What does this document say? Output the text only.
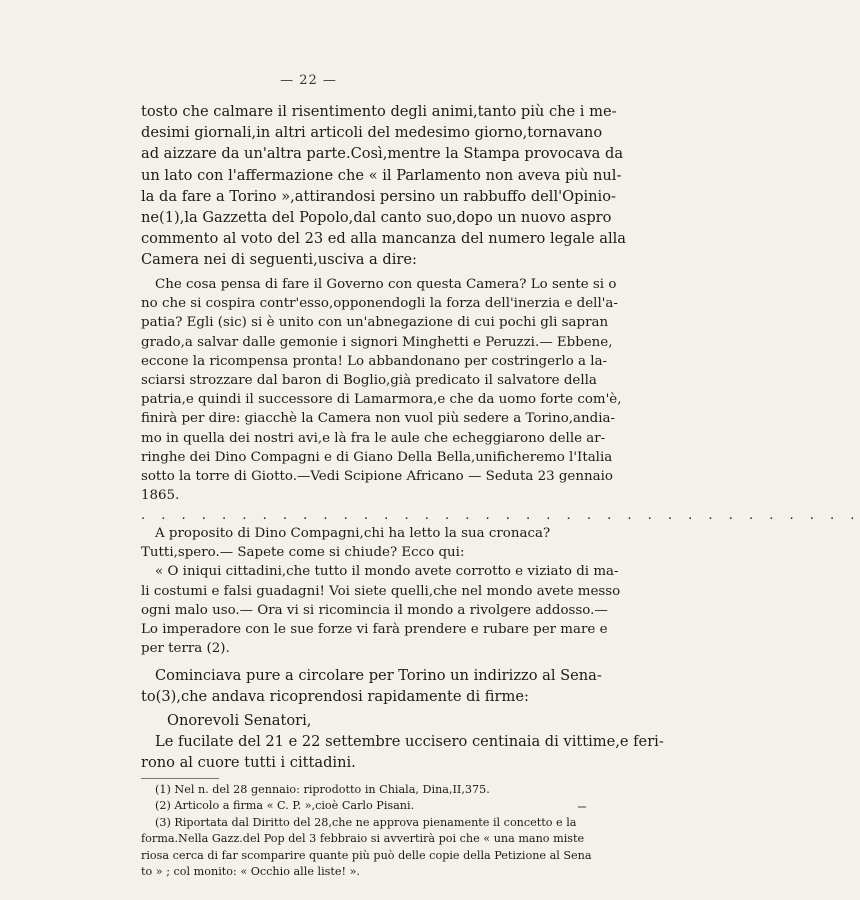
— 22 —
tosto che calmare il risentimento degli animi,tanto più che i me-
desimi giornali,in altri articoli del medesimo giorno,tornavano
ad aizzare da un'altra parte.Così,mentre la Stampa provocava da
un lato con l'affermazione che « il Parlamento non aveva più nul-
la da fare a Torino »,attirandosi persino un rabbuffo dell'Opinio-
ne(1),la Gazzetta del Popolo,dal canto suo,dopo un nuovo aspro
commento al voto del 23 ed alla mancanza del numero legale alla
Camera nei di seguenti,usciva a dire:
Che cosa pensa di fare il Governo con questa Camera? Lo sente si o
no che si cospira contr'esso,opponendogli la forza dell'inerzia e dell'a-
patia? Egli (sic) si è unito con un'abnegazione di cui pochi gli sapran
grado,a salvar dalle gemonie i signori Minghetti e Peruzzi.— Ebbene,
eccone la ricompensa pronta! Lo abbandonano per costringerlo a la-
sciarsi strozzare dal baron di Boglio,già predicato il salvatore della
patria,e quindi il successore di Lamarmora,e che da uomo forte com'è,
finirà per dire: giacchè la Camera non vuol più sedere a Torino,andia-
mo in quella dei nostri avi,e là fra le aule che echeggiarono delle ar-
ringhe dei Dino Compagni e di Giano Della Bella,unificheremo l'Italia
sotto la torre di Giotto.—Vedi Scipione Africano — Seduta 23 gennaio
1865.
. . . . . . . . . . . . . . . . . . . . . . . . . . . . . . . . . . . .
A proposito di Dino Compagni,chi ha letto la sua cronaca?
Tutti,spero.— Sapete come si chiude? Ecco qui:
« O iniqui cittadini,che tutto il mondo avete corrotto e viziato di ma-
li costumi e falsi guadagni! Voi siete quelli,che nel mondo avete messo
ogni malo uso.— Ora vi si ricomincia il mondo a rivolgere addosso.—
Lo imperadore con le sue forze vi farà prendere e rubare per mare e
per terra (2).
Cominciava pure a circolare per Torino un indirizzo al Sena-
to(3),che andava ricoprendosi rapidamente di firme:
Onorevoli Senatori,
Le fucilate del 21 e 22 settembre uccisero centinaia di vittime,e feri-
rono al cuore tutti i cittadini.
(1) Nel n. del 28 gennaio: riprodotto in Chiala, Dina,II,375.
(2) Articolo a firma « C. P. »,cioè Carlo Pisani.
(3) Riportata dal Diritto del 28,che ne approva pienamente il concetto e la
forma.Nella Gazz.del Pop del 3 febbraio si avvertirà poi che « una mano miste
riosa cerca di far scomparire quante più può delle copie della Petizione al Sena
to » ; col monito: « Occhio alle liste! ».
